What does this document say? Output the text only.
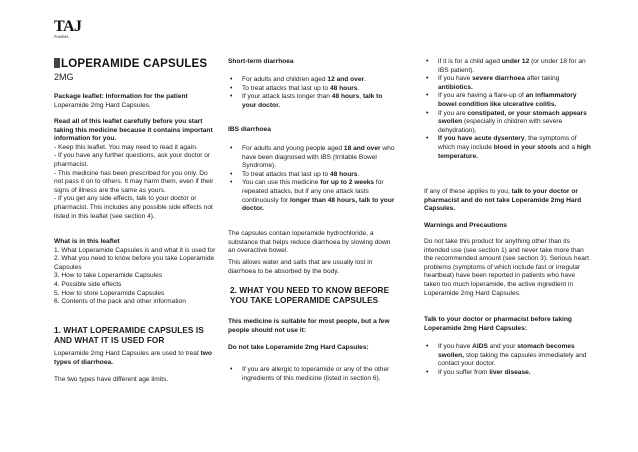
TAJ
PHARMA
LOPERAMIDE CAPSULES
2MG

Package leaflet: Information for the patient

Loperamide 2mg Hard Capsules.

Read all of this leaflet carefully before you start taking this medicine because it contains important information for you.

- Keep this leaflet. You may need to read it again.

- If you have any further questions, ask your doctor or pharmacist.

- This medicine has been prescribed for you only. Do not pass it on to others. It may harm them, even if their signs of illness are the same as yours.

- If you get any side effects, talk to your doctor or pharmacist. This includes any possible side effects not listed in this leaflet (see section 4).

What is in this leaflet

1. What Loperamide Capsules is and what it is used for

2. What you need to know before you take Loperamide Capsules

3. How to take Loperamide Capsules

4. Possible side effects

5. How to store Loperamide Capsules

6. Contents of the pack and other information

1. WHAT LOPERAMIDE CAPSULES IS AND WHAT IT IS USED FOR
Loperamide 2mg Hard Capsules are used to treat two types of diarrhoea.
The two types have different age limits.
Short-term diarrhoea
• For adults and children aged 12 and over.
• To treat attacks that last up to 48 hours.
• If your attack lasts longer than 48 hours, talk to your doctor.
IBS diarrhoea
• For adults and young people aged 18 and over who have been diagnosed with IBS (Irritable Bowel Syndrome).
• To treat attacks that last up to 48 hours.
• You can use this medicine for up to 2 weeks for repeated attacks, but if any one attack lasts continuously for longer than 48 hours, talk to your doctor.
The capsules contain loperamide hydrochloride, a substance that helps reduce diarrhoea by slowing down an overactive bowel.
This allows water and salts that are usually lost in diarrhoea to be absorbed by the body.
2. WHAT YOU NEED TO KNOW BEFORE YOU TAKE LOPERAMIDE CAPSULES
This medicine is suitable for most people, but a few people should not use it:
Do not take Loperamide 2mg Hard Capsules:
• If you are allergic to loperamide or any of the other ingredients of this medicine (listed in section 6).
• if it is for a child aged under 12 (or under 18 for an IBS patient).
• If you have severe diarrhoea after taking antibiotics.
• If you are having a flare-up of an inflammatory bowel condition like ulcerative colitis.
• If you are constipated, or your stomach appears swollen (especially in children with severe dehydration).
• If you have acute dysentery, the symptoms of which may include blood in your stools and a high temperature.
If any of these applies to you, talk to your doctor or pharmacist and do not take Loperamide 2mg Hard Capsules.
Warnings and Precautions
Do not take this product for anything other than its intended use (see section 1) and never take more than the recommended amount (see section 3). Serious heart problems (symptoms of which include fast or irregular heartbeat) have been reported in patients who have taken too much loperamide, the active ingredient in Loperamide 2mg Hard Capsules.
Talk to your doctor or pharmacist before taking Loperamide 2mg Hard Capsules:
• If you have AIDS and your stomach becomes swollen, stop taking the capsules immediately and contact your doctor.
• If you suffer from liver disease.
